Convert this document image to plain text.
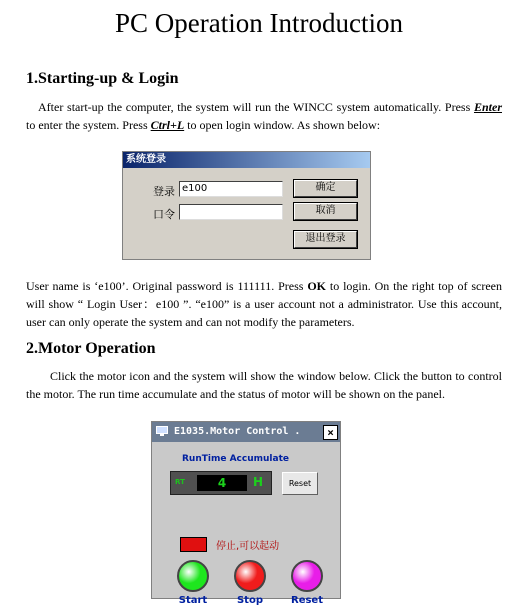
PC Operation Introduction
1.Starting-up & Login
After start-up the computer, the system will run the WINCC system automatically. Press Enter to enter the system. Press Ctrl+L to open login window. As shown below:
系统登录
登录 e100
口令
确定
取消
退出登录
User name is ‘e100’. Original password is 111111. Press OK to login. On the right top of screen will show “ Login User：e100 ”. “e100” is a user account not a administrator. Use this account, user can only operate the system and can not modify the parameters.
2.Motor Operation
Click the motor icon and the system will show the window below. Click the button to control the motor. The run time accumulate and the status of motor will be shown on the panel.
E1035.Motor Control .	×
RunTime Accumulate
RT	4	H	Reset
停止,可以起动
Start	Stop	Reset
